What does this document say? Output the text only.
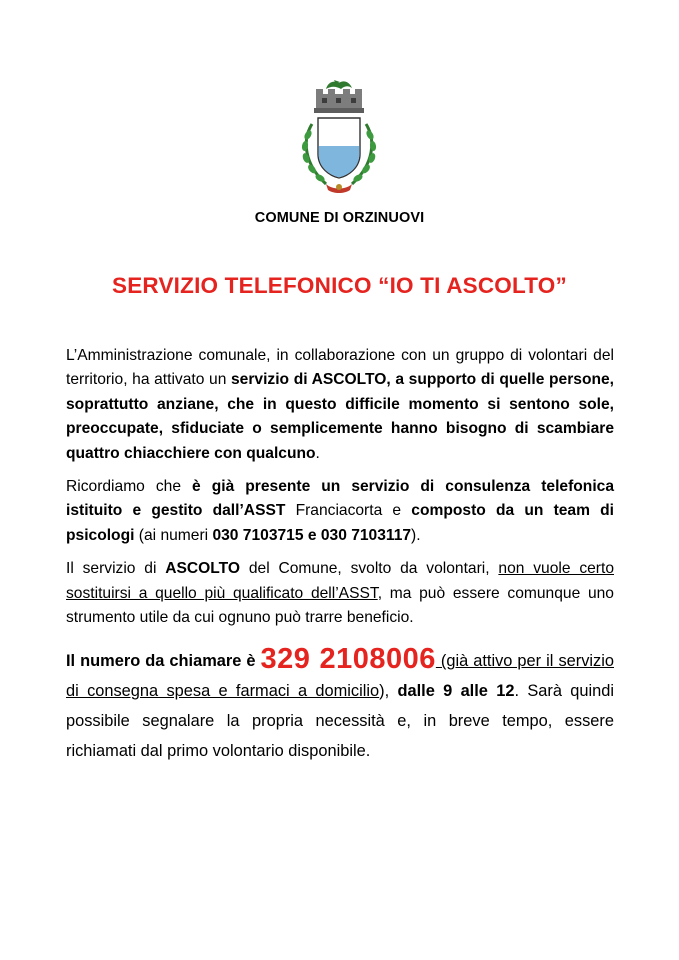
COMUNE DI ORZINUOVI
SERVIZIO TELEFONICO “IO TI ASCOLTO”

L’Amministrazione comunale, in collaborazione con un gruppo di volontari del territorio, ha attivato un servizio di ASCOLTO, a supporto di quelle persone, soprattutto anziane, che in questo difficile momento si sentono sole, preoccupate, sfiduciate o semplicemente hanno bisogno di scambiare quattro chiacchiere con qualcuno.

Ricordiamo che è già presente un servizio di consulenza telefonica istituito e gestito dall’ASST Franciacorta e composto da un team di psicologi (ai numeri 030 7103715 e 030 7103117).

Il servizio di ASCOLTO del Comune, svolto da volontari, non vuole certo sostituirsi a quello più qualificato dell’ASST, ma può essere comunque uno strumento utile da cui ognuno può trarre beneficio.

Il numero da chiamare è 329 2108006 (già attivo per il servizio di consegna spesa e farmaci a domicilio), dalle 9 alle 12. Sarà quindi possibile segnalare la propria necessità e, in breve tempo, essere richiamati dal primo volontario disponibile.
